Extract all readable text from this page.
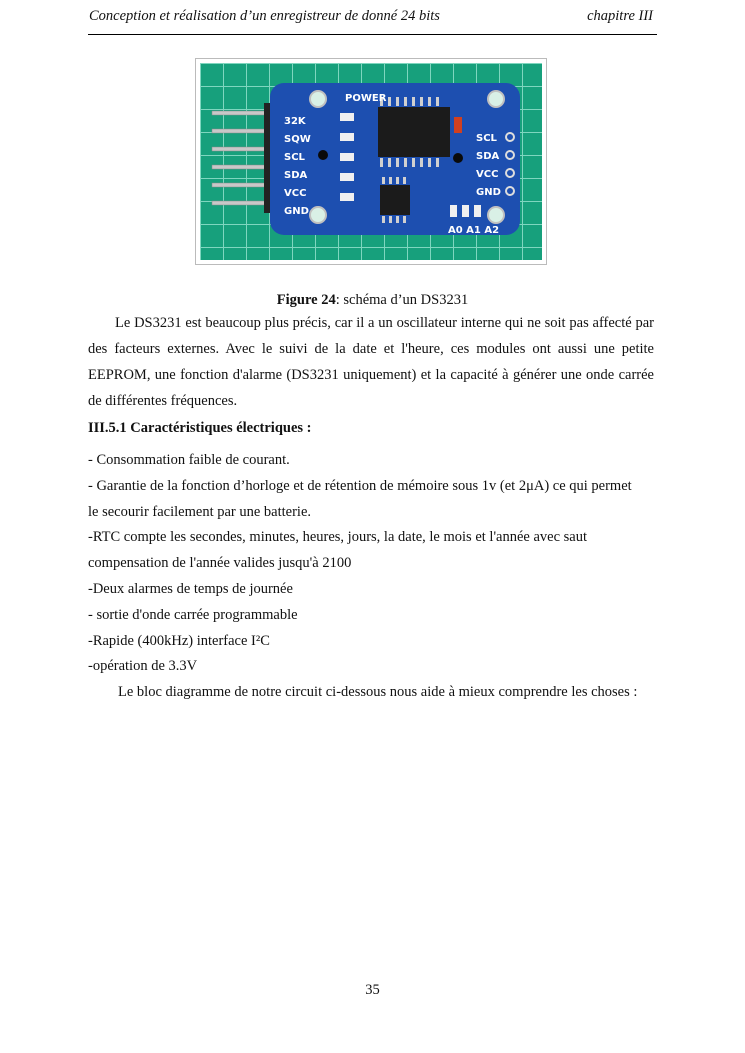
Conception et réalisation d’un enregistreur de donné 24 bits	chapitre III
POWER
32K
SQW
SCL
SDA
VCC
GND
SCL
SDA
VCC
GND
A0 A1 A2
Figure 24: schéma d’un DS3231
Le DS3231 est beaucoup plus précis, car il a un oscillateur interne qui ne soit pas affecté par des facteurs externes. Avec le suivi de la date et l'heure, ces modules ont aussi une petite EEPROM, une fonction d'alarme (DS3231 uniquement) et la capacité à générer une onde carrée de différentes fréquences.
III.5.1 Caractéristiques électriques :
- Consommation faible de courant.
- Garantie de la fonction d’horloge et de rétention de mémoire sous 1v (et 2μA) ce qui permet
le secourir facilement par une batterie.
-RTC compte les secondes, minutes, heures, jours, la date, le mois et l'année avec saut
compensation de l'année valides jusqu'à 2100
-Deux alarmes de temps de journée
- sortie d'onde carrée programmable
-Rapide (400kHz) interface I²C
-opération de 3.3V
Le bloc diagramme de notre circuit ci-dessous nous aide à mieux comprendre les choses :
35
